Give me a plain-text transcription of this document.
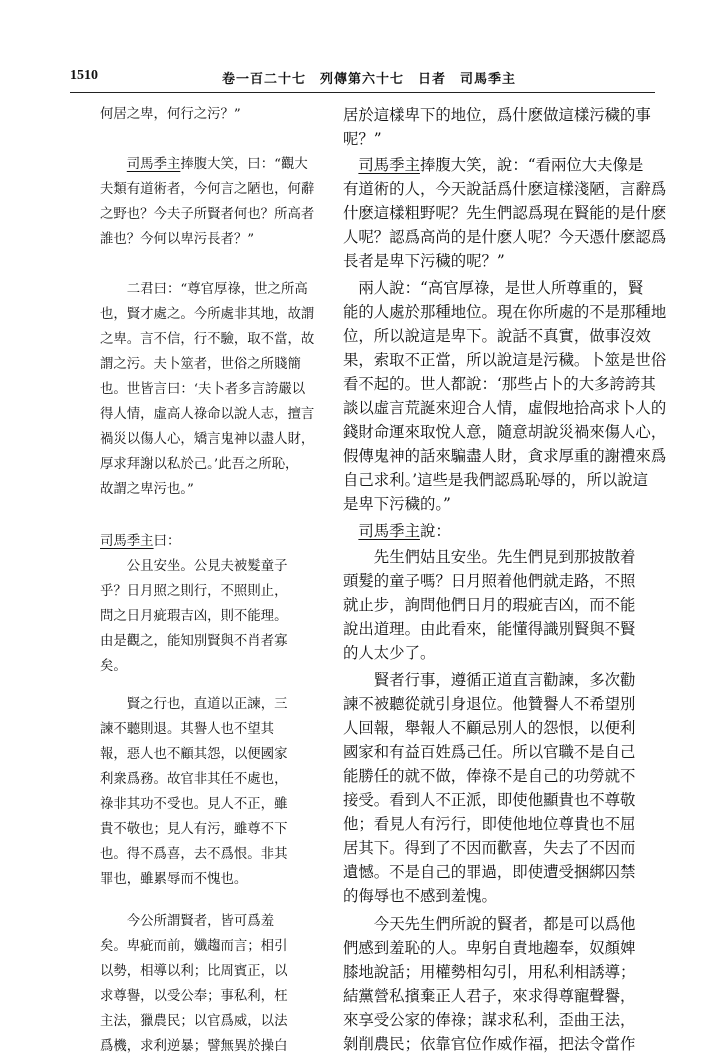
1510	卷一百二十七　列傳第六十七　日者　司馬季主
何居之卑，何行之污？”
司馬季主捧腹大笑，曰：“觀大
夫類有道術者，今何言之陋也，何辭
之野也？今夫子所賢者何也？所高者
誰也？今何以卑污長者？”
二君曰：“尊官厚祿，世之所高
也，賢才處之。今所處非其地，故謂
之卑。言不信，行不驗，取不當，故
謂之污。夫卜筮者，世俗之所賤簡
也。世皆言曰：‘夫卜者多言誇嚴以
得人情，虛高人祿命以說人志，擅言
禍災以傷人心，矯言鬼神以盡人財，
厚求拜謝以私於己。’此吾之所恥，
故謂之卑污也。”
司馬季主曰：
公且安坐。公見夫被髮童子
乎？日月照之則行，不照則止，
問之日月疵瑕吉凶，則不能理。
由是觀之，能知別賢與不肖者寡
矣。
賢之行也，直道以正諫，三
諫不聽則退。其譽人也不望其
報，惡人也不顧其怨，以便國家
利衆爲務。故官非其任不處也，
祿非其功不受也。見人不正，雖
貴不敬也；見人有污，雖尊不下
也。得不爲喜，去不爲恨。非其
罪也，雖累辱而不愧也。
今公所謂賢者，皆可爲羞
矣。卑疵而前，孅趨而言；相引
以勢，相導以利；比周賓正，以
求尊譽，以受公奉；事私利，枉
主法，獵農民；以官爲威，以法
爲機，求利逆暴；譬無異於操白
居於這樣卑下的地位，爲什麽做這樣污穢的事
呢？”
司馬季主捧腹大笑，說：“看兩位大夫像是
有道術的人，今天說話爲什麽這樣淺陋，言辭爲
什麽這樣粗野呢？先生們認爲現在賢能的是什麽
人呢？認爲高尚的是什麽人呢？今天憑什麽認爲
長者是卑下污穢的呢？”
兩人說：“高官厚祿，是世人所尊重的，賢
能的人處於那種地位。現在你所處的不是那種地
位，所以說這是卑下。說話不真實，做事沒效
果，索取不正當，所以說這是污穢。卜筮是世俗
看不起的。世人都說：‘那些占卜的大多誇誇其
談以虛言荒誕來迎合人情，虛假地拾高求卜人的
錢財命運來取悅人意，隨意胡說災禍來傷人心，
假傳鬼神的話來騙盡人財，貪求厚重的謝禮來爲
自己求利。’這些是我們認爲恥辱的，所以說這
是卑下污穢的。”
司馬季主說：
先生們姑且安坐。先生們見到那披散着
頭髮的童子嗎？日月照着他們就走路，不照
就止步，詢問他們日月的瑕疵吉凶，而不能
說出道理。由此看來，能懂得識別賢與不賢
的人太少了。
賢者行事，遵循正道直言勸諫，多次勸
諫不被聽從就引身退位。他贊譽人不希望別
人回報，舉報人不顧忌別人的怨恨，以便利
國家和有益百姓爲己任。所以官職不是自己
能勝任的就不做，俸祿不是自己的功勞就不
接受。看到人不正派，即使他顯貴也不尊敬
他；看見人有污行，即使他地位尊貴也不屈
居其下。得到了不因而歡喜，失去了不因而
遺憾。不是自己的罪過，即使遭受捆綁囚禁
的侮辱也不感到羞愧。
今天先生們所說的賢者，都是可以爲他
們感到羞恥的人。卑躬自責地趨奉，奴顏婢
膝地說話；用權勢相勾引，用私利相誘導；
結黨營私擯棄正人君子，來求得尊寵聲譽，
來享受公家的俸祿；謀求私利，歪曲王法，
剝削農民；依靠官位作威作福，把法令當作
